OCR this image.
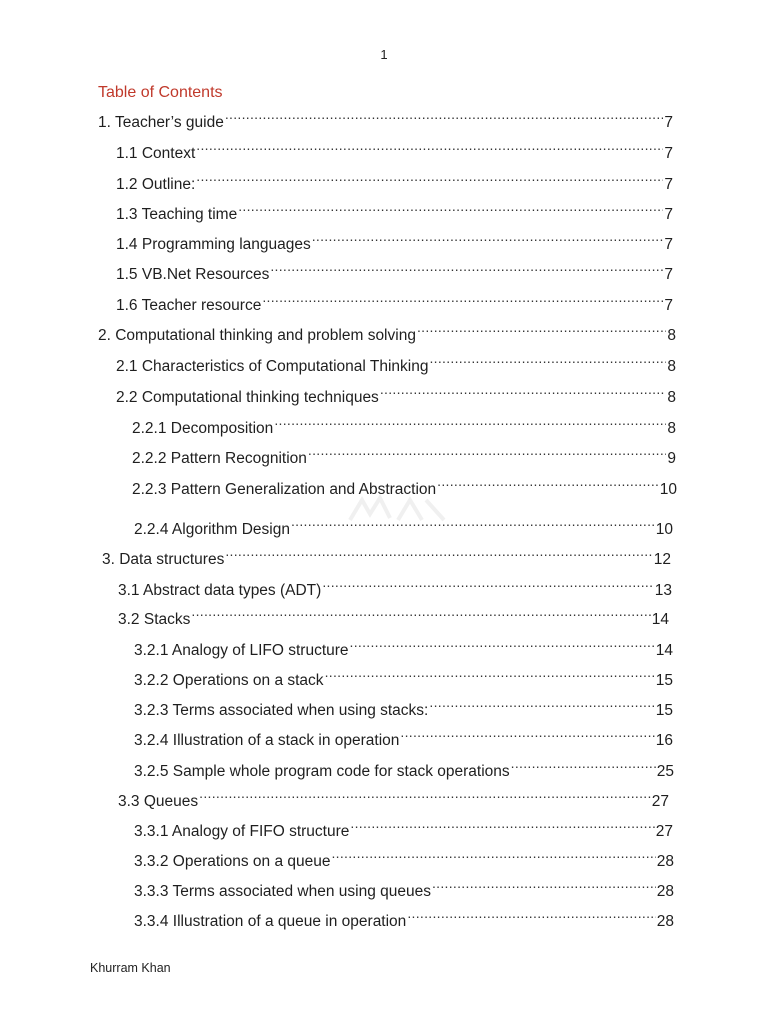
1
Table of Contents
1. Teacher’s guide .....	7
1.1 Context .....	7
1.2 Outline: .....	7
1.3 Teaching time .....	7
1.4 Programming languages .....	7
1.5 VB.Net Resources .....	7
1.6 Teacher resource .....	7
2. Computational thinking and problem solving .....	8
2.1 Characteristics of Computational Thinking .....	8
2.2 Computational thinking techniques .....	8
2.2.1 Decomposition .....	8
2.2.2 Pattern Recognition .....	9
2.2.3 Pattern Generalization and Abstraction .....	10
2.2.4 Algorithm Design .....	10
3. Data structures .....	12
3.1 Abstract data types (ADT) .....	13
3.2 Stacks .....	14
3.2.1 Analogy of LIFO structure .....	14
3.2.2 Operations on a stack .....	15
3.2.3 Terms associated when using stacks: .....	15
3.2.4 Illustration of a stack in operation .....	16
3.2.5 Sample whole program code for stack operations .....	25
3.3 Queues .....	27
3.3.1 Analogy of FIFO structure .....	27
3.3.2 Operations on a queue .....	28
3.3.3 Terms associated when using queues .....	28
3.3.4 Illustration of a queue in operation .....	28
Khurram Khan
